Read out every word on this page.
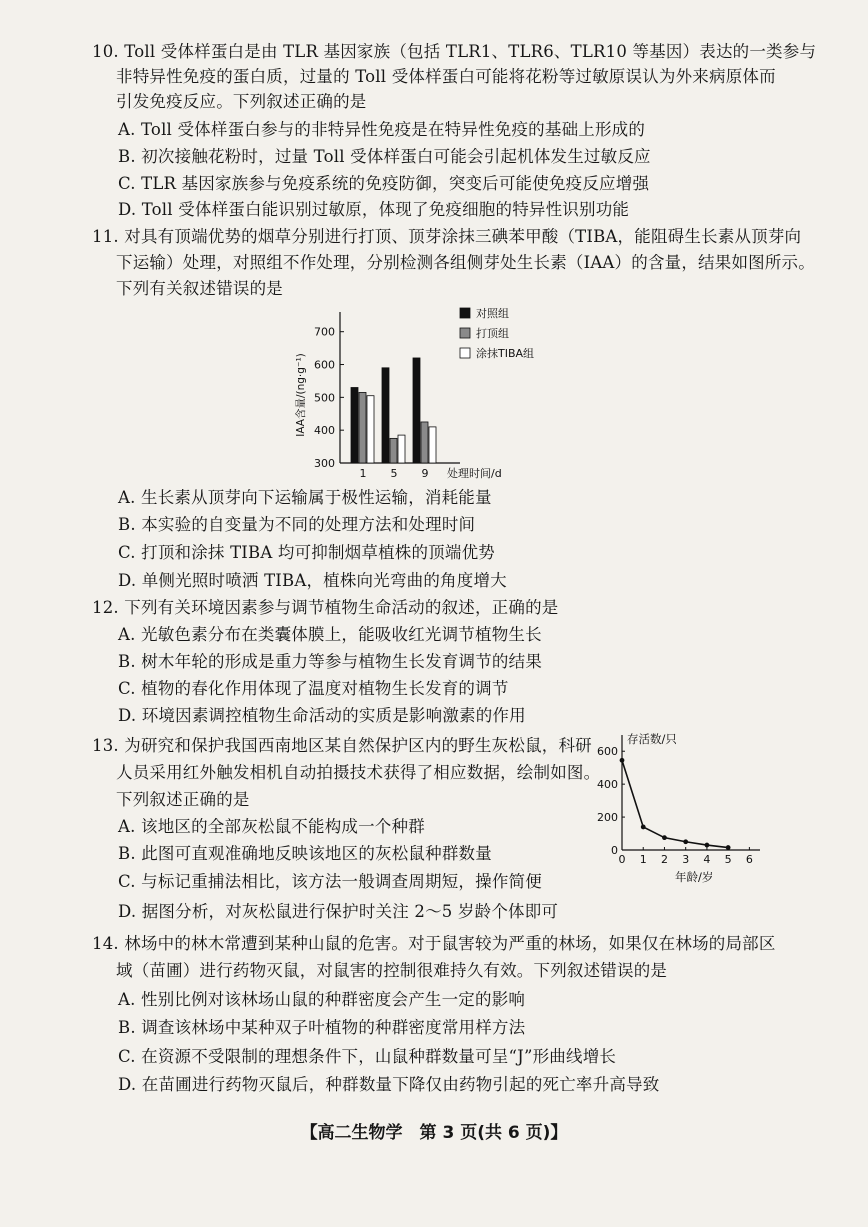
10. Toll 受体样蛋白是由 TLR 基因家族（包括 TLR1、TLR6、TLR10 等基因）表达的一类参与
非特异性免疫的蛋白质，过量的 Toll 受体样蛋白可能将花粉等过敏原误认为外来病原体而
引发免疫反应。下列叙述正确的是
A. Toll 受体样蛋白参与的非特异性免疫是在特异性免疫的基础上形成的
B. 初次接触花粉时，过量 Toll 受体样蛋白可能会引起机体发生过敏反应
C. TLR 基因家族参与免疫系统的免疫防御，突变后可能使免疫反应增强
D. Toll 受体样蛋白能识别过敏原，体现了免疫细胞的特异性识别功能
11. 对具有顶端优势的烟草分别进行打顶、顶芽涂抹三碘苯甲酸（TIBA，能阻碍生长素从顶芽向
下运输）处理，对照组不作处理，分别检测各组侧芽处生长素（IAA）的含量，结果如图所示。
下列有关叙述错误的是
300
400
500
600
700
IAA含量/(ng·g⁻¹)
1 5 9 处理时间/d
对照组
打顶组
涂抹TIBA组
A. 生长素从顶芽向下运输属于极性运输，消耗能量
B. 本实验的自变量为不同的处理方法和处理时间
C. 打顶和涂抹 TIBA 均可抑制烟草植株的顶端优势
D. 单侧光照时喷洒 TIBA，植株向光弯曲的角度增大
12. 下列有关环境因素参与调节植物生命活动的叙述，正确的是
A. 光敏色素分布在类囊体膜上，能吸收红光调节植物生长
B. 树木年轮的形成是重力等参与植物生长发育调节的结果
C. 植物的春化作用体现了温度对植物生长发育的调节
D. 环境因素调控植物生命活动的实质是影响激素的作用
13. 为研究和保护我国西南地区某自然保护区内的野生灰松鼠，科研
人员采用红外触发相机自动拍摄技术获得了相应数据，绘制如图。
下列叙述正确的是
A. 该地区的全部灰松鼠不能构成一个种群
B. 此图可直观准确地反映该地区的灰松鼠种群数量
C. 与标记重捕法相比，该方法一般调查周期短，操作简便
D. 据图分析，对灰松鼠进行保护时关注 2～5 岁龄个体即可
存活数/只
0
200
400
600
0 1 2 3 4 5 6
年龄/岁
14. 林场中的林木常遭到某种山鼠的危害。对于鼠害较为严重的林场，如果仅在林场的局部区
域（苗圃）进行药物灭鼠，对鼠害的控制很难持久有效。下列叙述错误的是
A. 性别比例对该林场山鼠的种群密度会产生一定的影响
B. 调查该林场中某种双子叶植物的种群密度常用样方法
C. 在资源不受限制的理想条件下，山鼠种群数量可呈“J”形曲线增长
D. 在苗圃进行药物灭鼠后，种群数量下降仅由药物引起的死亡率升高导致
【高二生物学　第 3 页(共 6 页)】
